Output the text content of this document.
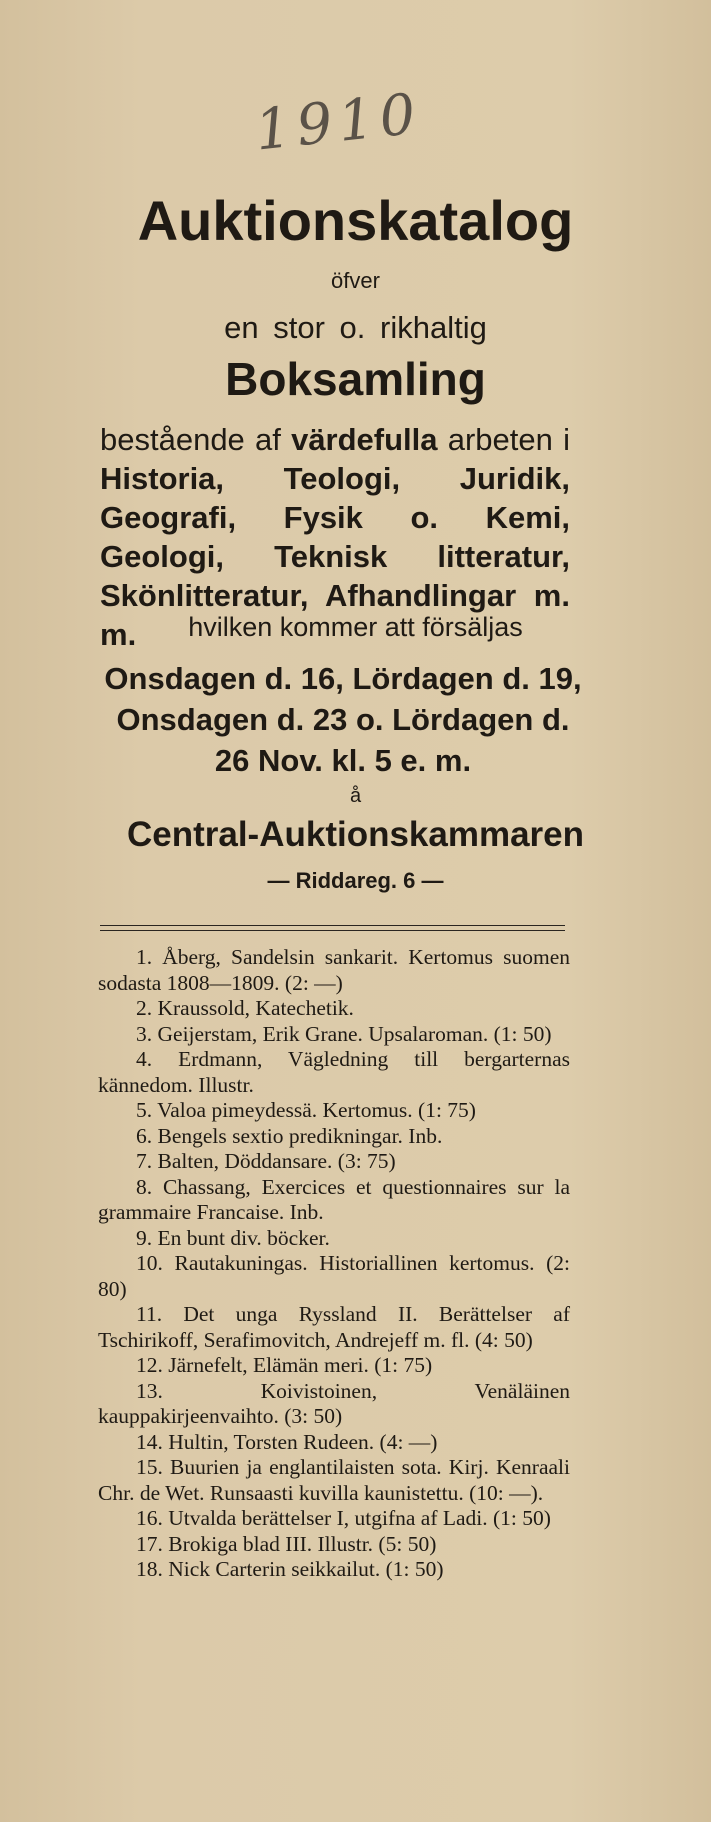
1910
Auktionskatalog
öfver
en stor o. rikhaltig
Boksamling
bestående af värdefulla arbeten i Historia, Teologi, Juridik, Geografi, Fysik o. Kemi, Geologi, Teknisk litteratur, Skönlitteratur, Afhandlingar m. m.	hvilken kommer att försäljas
Onsdagen d. 16, Lördagen d. 19, Onsdagen d. 23 o. Lördagen d. 26 Nov. kl. 5 e. m.
å
Central-Auktionskammaren
— Riddareg. 6 —
1. Åberg, Sandelsin sankarit. Kertomus suomen sodasta 1808—1809. (2: —)
2. Kraussold, Katechetik.
3. Geijerstam, Erik Grane. Upsalaroman. (1: 50)
4. Erdmann, Vägledning till bergarternas kännedom. Illustr.
5. Valoa pimeydessä. Kertomus. (1: 75)
6. Bengels sextio predikningar. Inb.
7. Balten, Döddansare. (3: 75)
8. Chassang, Exercices et questionnaires sur la grammaire Francaise. Inb.
9. En bunt div. böcker.
10. Rautakuningas. Historiallinen kertomus. (2: 80)
11. Det unga Ryssland II. Berättelser af Tschirikoff, Serafimovitch, Andrejeff m. fl. (4: 50)
12. Järnefelt, Elämän meri. (1: 75)
13. Koivistoinen, Venäläinen kauppakirjeenvaihto. (3: 50)
14. Hultin, Torsten Rudeen. (4: —)
15. Buurien ja englantilaisten sota. Kirj. Kenraali Chr. de Wet. Runsaasti kuvilla kaunistettu. (10: —).
16. Utvalda berättelser I, utgifna af Ladi. (1: 50)
17. Brokiga blad III. Illustr. (5: 50)
18. Nick Carterin seikkailut. (1: 50)
